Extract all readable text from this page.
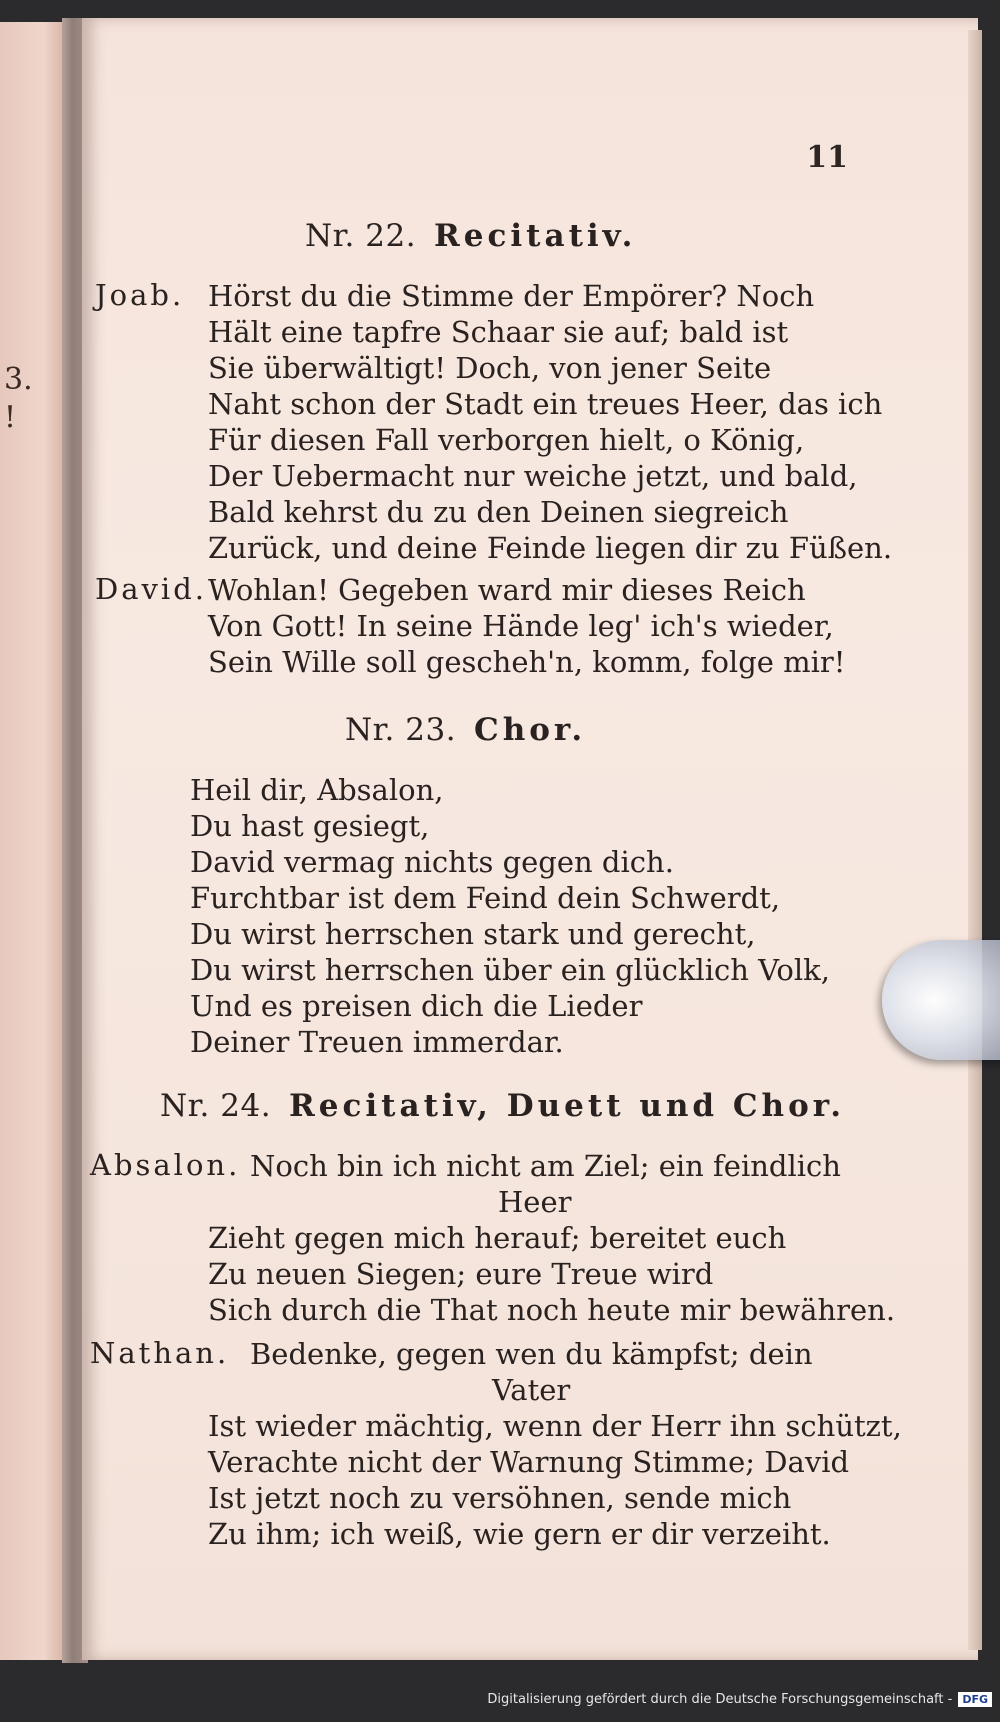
3.
!
11
Nr. 22. Recitativ.
Joab. Hörst du die Stimme der Empörer? Noch
Hält eine tapfre Schaar sie auf; bald ist
Sie überwältigt! Doch, von jener Seite
Naht schon der Stadt ein treues Heer, das ich
Für diesen Fall verborgen hielt, o König,
Der Uebermacht nur weiche jetzt, und bald,
Bald kehrst du zu den Deinen siegreich
Zurück, und deine Feinde liegen dir zu Füßen.
David. Wohlan! Gegeben ward mir dieses Reich
Von Gott! In seine Hände leg' ich's wieder,
Sein Wille soll gescheh'n, komm, folge mir!
Nr. 23. Chor.
Heil dir, Absalon,
Du hast gesiegt,
David vermag nichts gegen dich.
Furchtbar ist dem Feind dein Schwerdt,
Du wirst herrschen stark und gerecht,
Du wirst herrschen über ein glücklich Volk,
Und es preisen dich die Lieder
Deiner Treuen immerdar.
Nr. 24. Recitativ, Duett und Chor.
Absalon. Noch bin ich nicht am Ziel; ein feindlich
Heer
Zieht gegen mich herauf; bereitet euch
Zu neuen Siegen; eure Treue wird
Sich durch die That noch heute mir bewähren.
Nathan. Bedenke, gegen wen du kämpfst; dein
Vater
Ist wieder mächtig, wenn der Herr ihn schützt,
Verachte nicht der Warnung Stimme; David
Ist jetzt noch zu versöhnen, sende mich
Zu ihm; ich weiß, wie gern er dir verzeiht.
Digitalisierung gefördert durch die Deutsche Forschungsgemeinschaft - DFG
